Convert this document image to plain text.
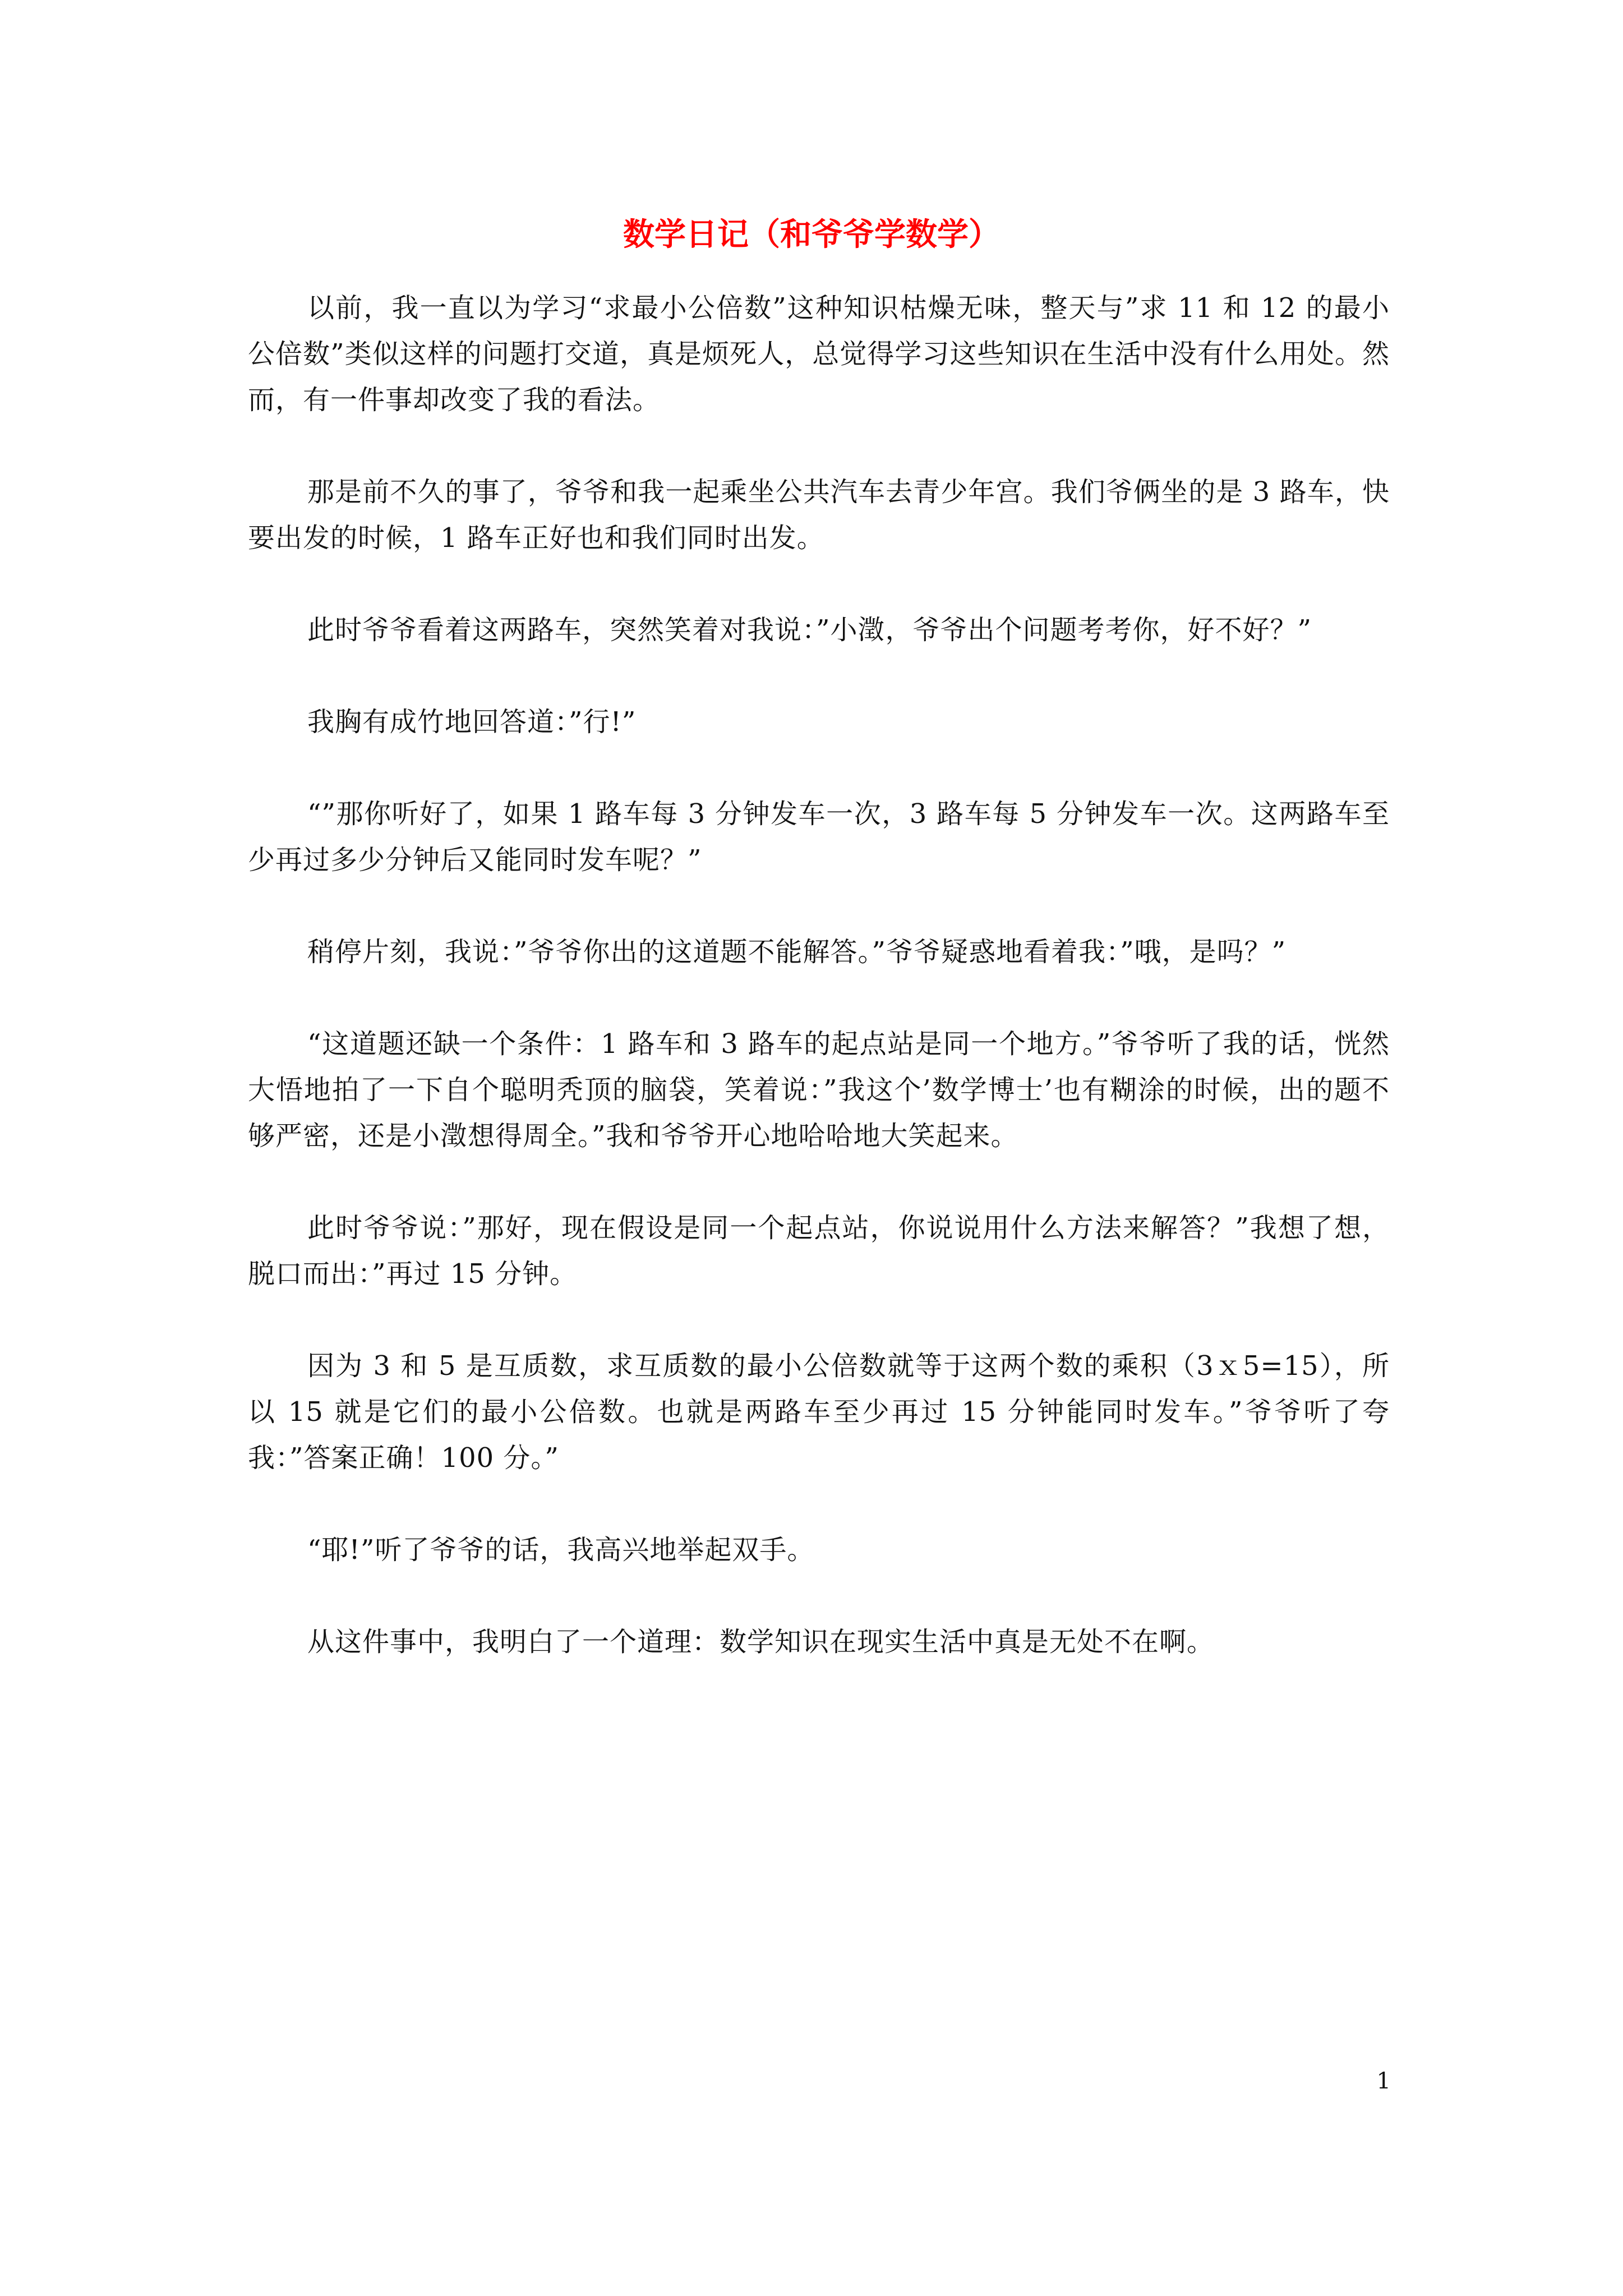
数学日记（和爷爷学数学）

以前，我一直以为学习“求最小公倍数”这种知识枯燥无味，整天与”求 11 和 12 的最小公倍数”类似这样的问题打交道，真是烦死人，总觉得学习这些知识在生活中没有什么用处。然而，有一件事却改变了我的看法。

那是前不久的事了，爷爷和我一起乘坐公共汽车去青少年宫。我们爷俩坐的是 3 路车，快要出发的时候，1 路车正好也和我们同时出发。

此时爷爷看着这两路车，突然笑着对我说：”小澂，爷爷出个问题考考你，好不好？”

我胸有成竹地回答道：”行!”

“”那你听好了，如果 1 路车每 3 分钟发车一次，3 路车每 5 分钟发车一次。这两路车至少再过多少分钟后又能同时发车呢？”

稍停片刻，我说：”爷爷你出的这道题不能解答。”爷爷疑惑地看着我：”哦，是吗？”

“这道题还缺一个条件：1 路车和 3 路车的起点站是同一个地方。”爷爷听了我的话，恍然大悟地拍了一下自个聪明秃顶的脑袋，笑着说：”我这个’数学博士’也有糊涂的时候，出的题不够严密，还是小澂想得周全。”我和爷爷开心地哈哈地大笑起来。

此时爷爷说：”那好，现在假设是同一个起点站，你说说用什么方法来解答？”我想了想，脱口而出：”再过 15 分钟。

因为 3 和 5 是互质数，求互质数的最小公倍数就等于这两个数的乘积（3ｘ5=15），所以 15 就是它们的最小公倍数。也就是两路车至少再过 15 分钟能同时发车。”爷爷听了夸我：”答案正确！100 分。”

“耶!”听了爷爷的话，我高兴地举起双手。

从这件事中，我明白了一个道理：数学知识在现实生活中真是无处不在啊。

1
